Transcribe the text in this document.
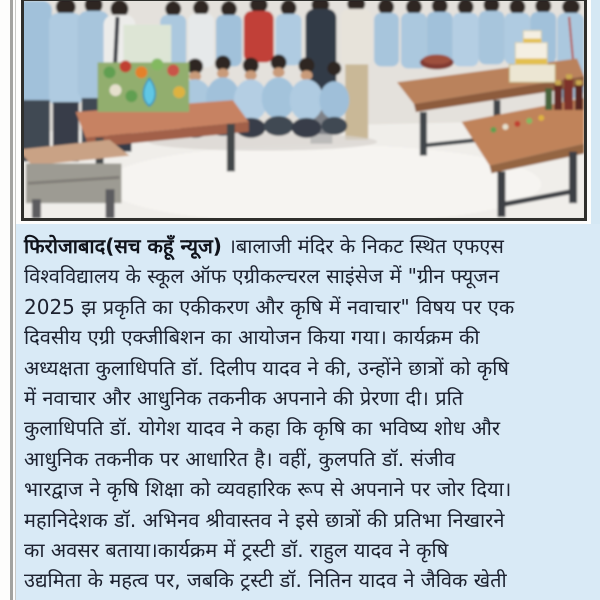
फिरोजाबाद(सच कहूँ न्यूज) ।बालाजी मंदिर के निकट स्थित एफएस
विश्वविद्यालय के स्कूल ऑफ एग्रीकल्चरल साइंसेज में "ग्रीन फ्यूजन
2025 झ प्रकृति का एकीकरण और कृषि में नवाचार" विषय पर एक
दिवसीय एग्री एक्जीबिशन का आयोजन किया गया। कार्यक्रम की
अध्यक्षता कुलाधिपति डॉ. दिलीप यादव ने की, उन्होंने छात्रों को कृषि
में नवाचार और आधुनिक तकनीक अपनाने की प्रेरणा दी। प्रति
कुलाधिपति डॉ. योगेश यादव ने कहा कि कृषि का भविष्य शोध और
आधुनिक तकनीक पर आधारित है। वहीं, कुलपति डॉ. संजीव
भारद्वाज ने कृषि शिक्षा को व्यवहारिक रूप से अपनाने पर जोर दिया।
महानिदेशक डॉ. अभिनव श्रीवास्तव ने इसे छात्रों की प्रतिभा निखारने
का अवसर बताया।कार्यक्रम में ट्रस्टी डॉ. राहुल यादव ने कृषि
उद्यमिता के महत्व पर, जबकि ट्रस्टी डॉ. नितिन यादव ने जैविक खेती
